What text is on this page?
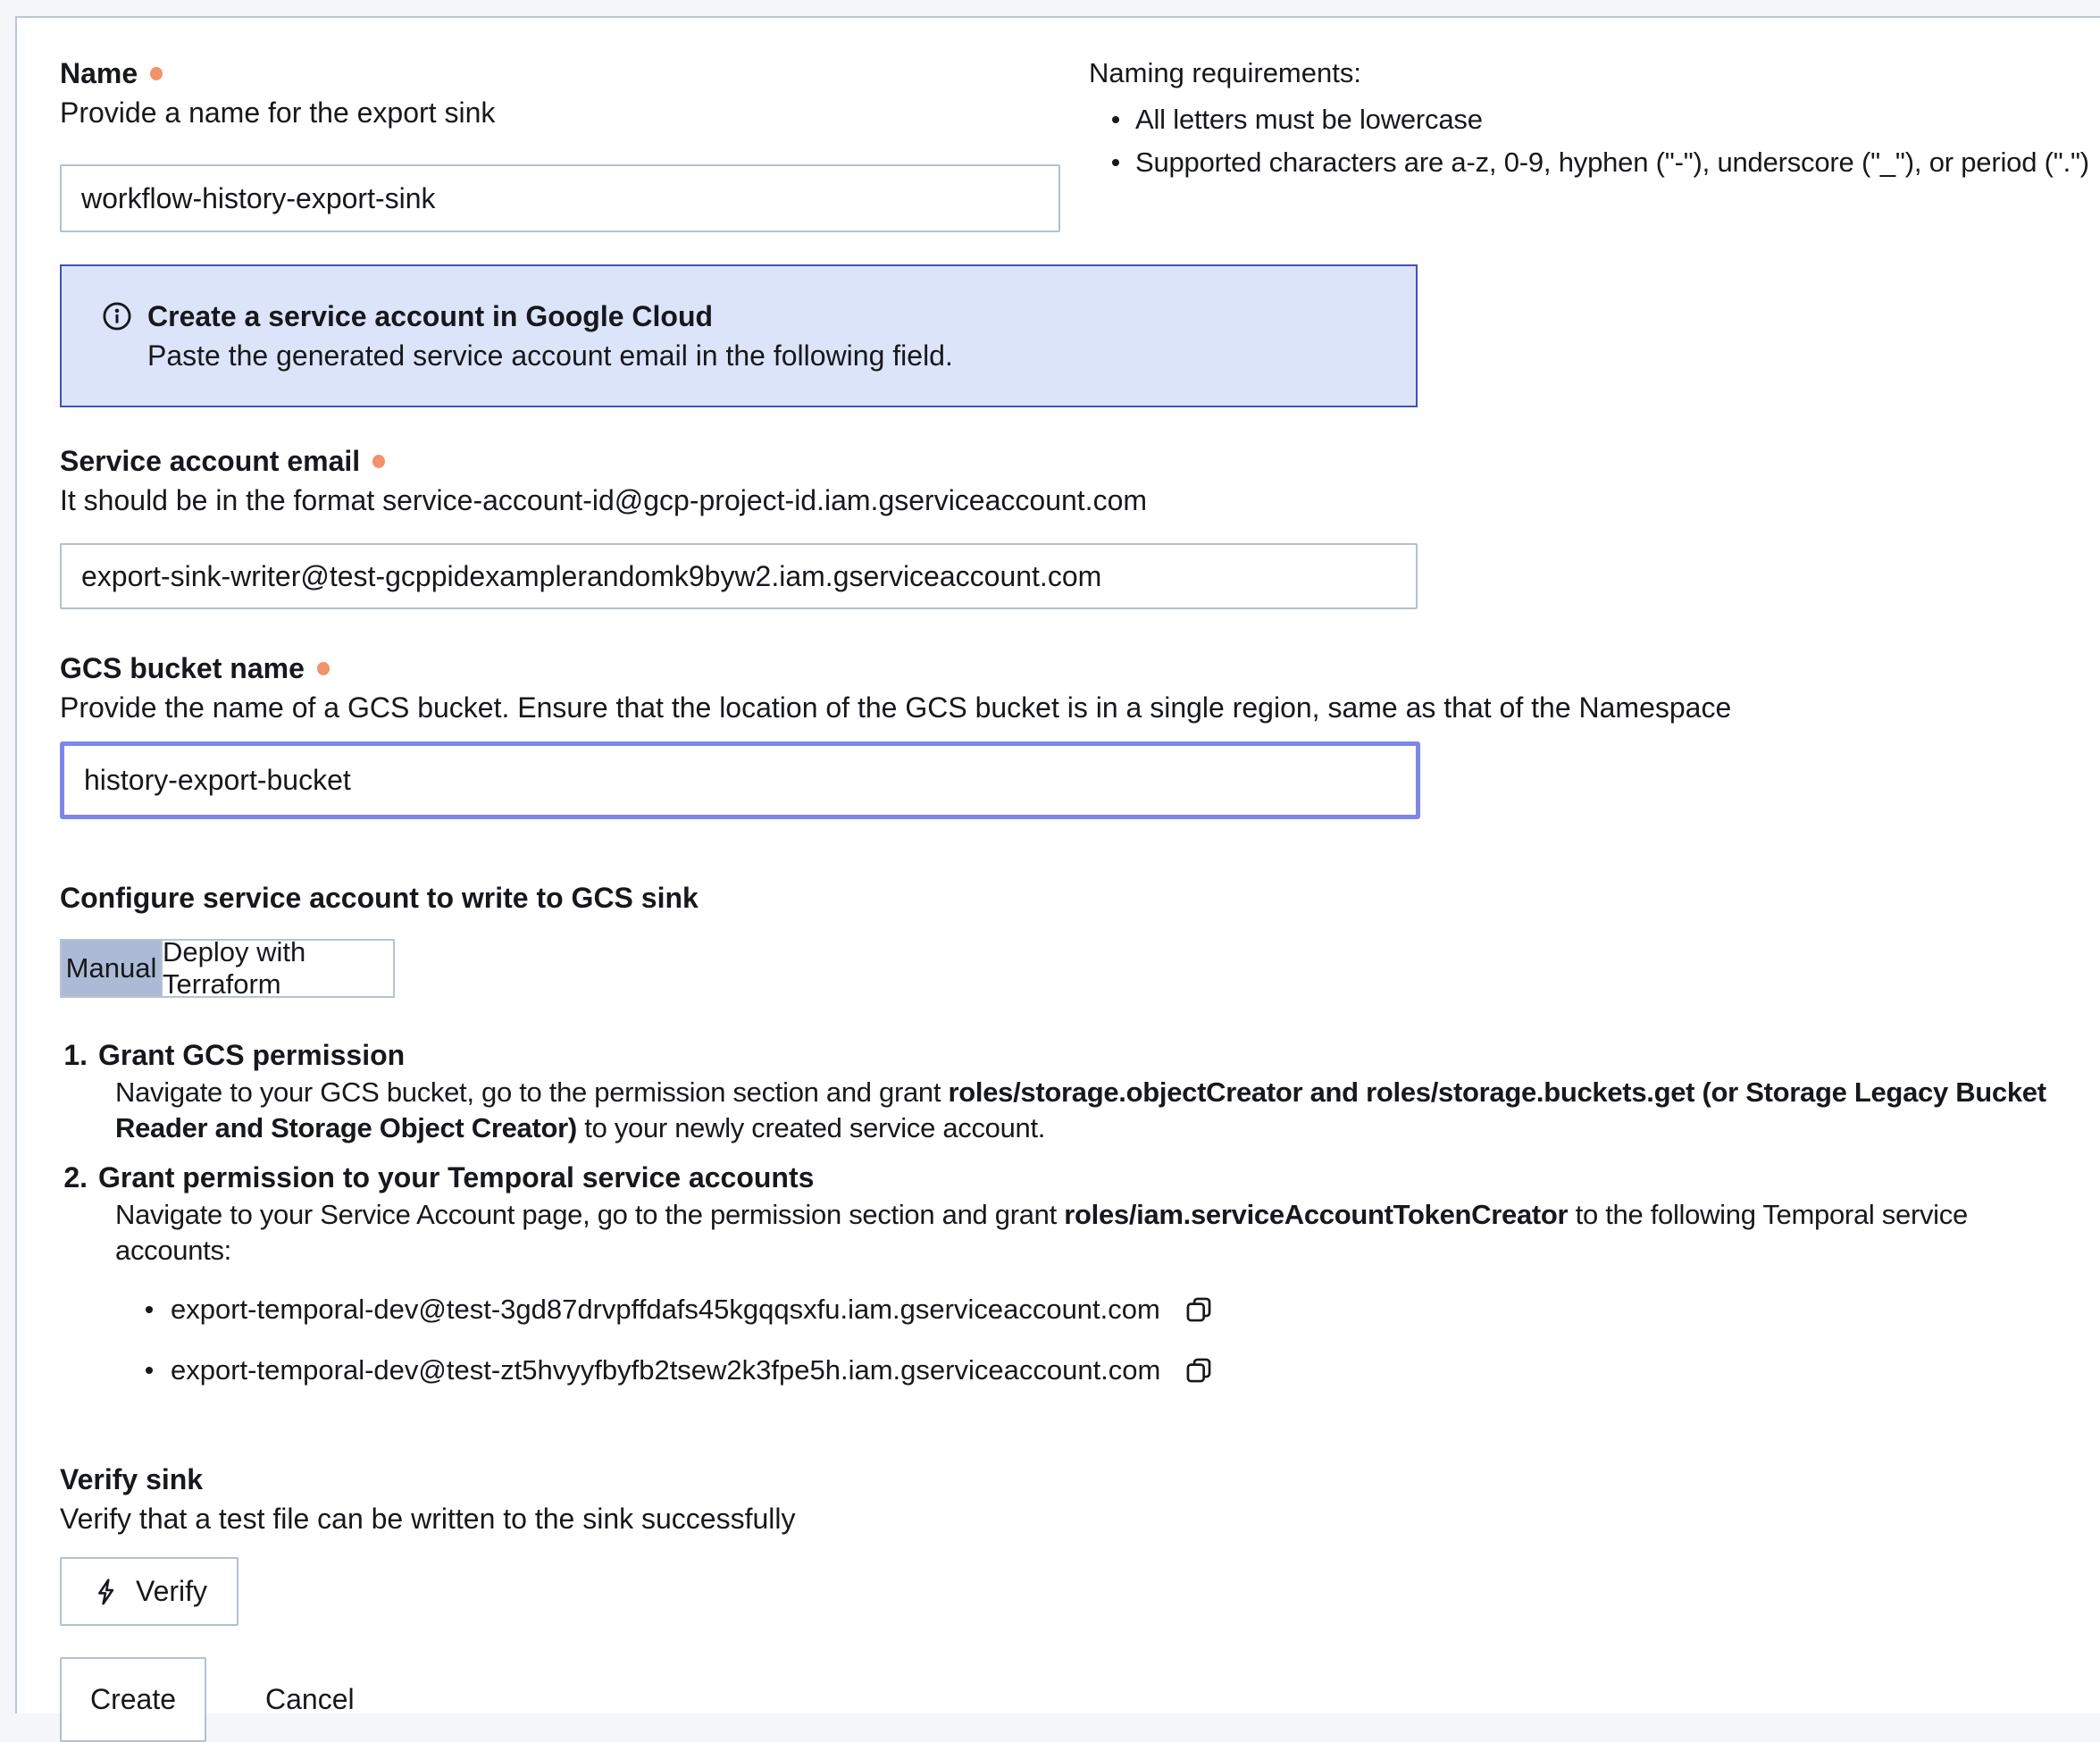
Naming requirements:
All letters must be lowercase
Supported characters are a-z, 0-9, hyphen ("-"), underscore ("_"), or period (".")
Name
Provide a name for the export sink
workflow-history-export-sink
Create a service account in Google Cloud
Paste the generated service account email in the following field.
Service account email
It should be in the format service-account-id@gcp-project-id.iam.gserviceaccount.com
export-sink-writer@test-gcppidexamplerandomk9byw2.iam.gserviceaccount.com
GCS bucket name
Provide the name of a GCS bucket. Ensure that the location of the GCS bucket is in a single region, same as that of the Namespace
history-export-bucket
Configure service account to write to GCS sink
Manual
Deploy with Terraform
1. Grant GCS permission
Navigate to your GCS bucket, go to the permission section and grant roles/storage.objectCreator and roles/storage.buckets.get (or Storage Legacy Bucket Reader and Storage Object Creator) to your newly created service account.
2. Grant permission to your Temporal service accounts
Navigate to your Service Account page, go to the permission section and grant roles/iam.serviceAccountTokenCreator to the following Temporal service accounts:
export-temporal-dev@test-3gd87drvpffdafs45kgqqsxfu.iam.gserviceaccount.com
export-temporal-dev@test-zt5hvyyfbyfb2tsew2k3fpe5h.iam.gserviceaccount.com
Verify sink
Verify that a test file can be written to the sink successfully
Verify
Create	Cancel
